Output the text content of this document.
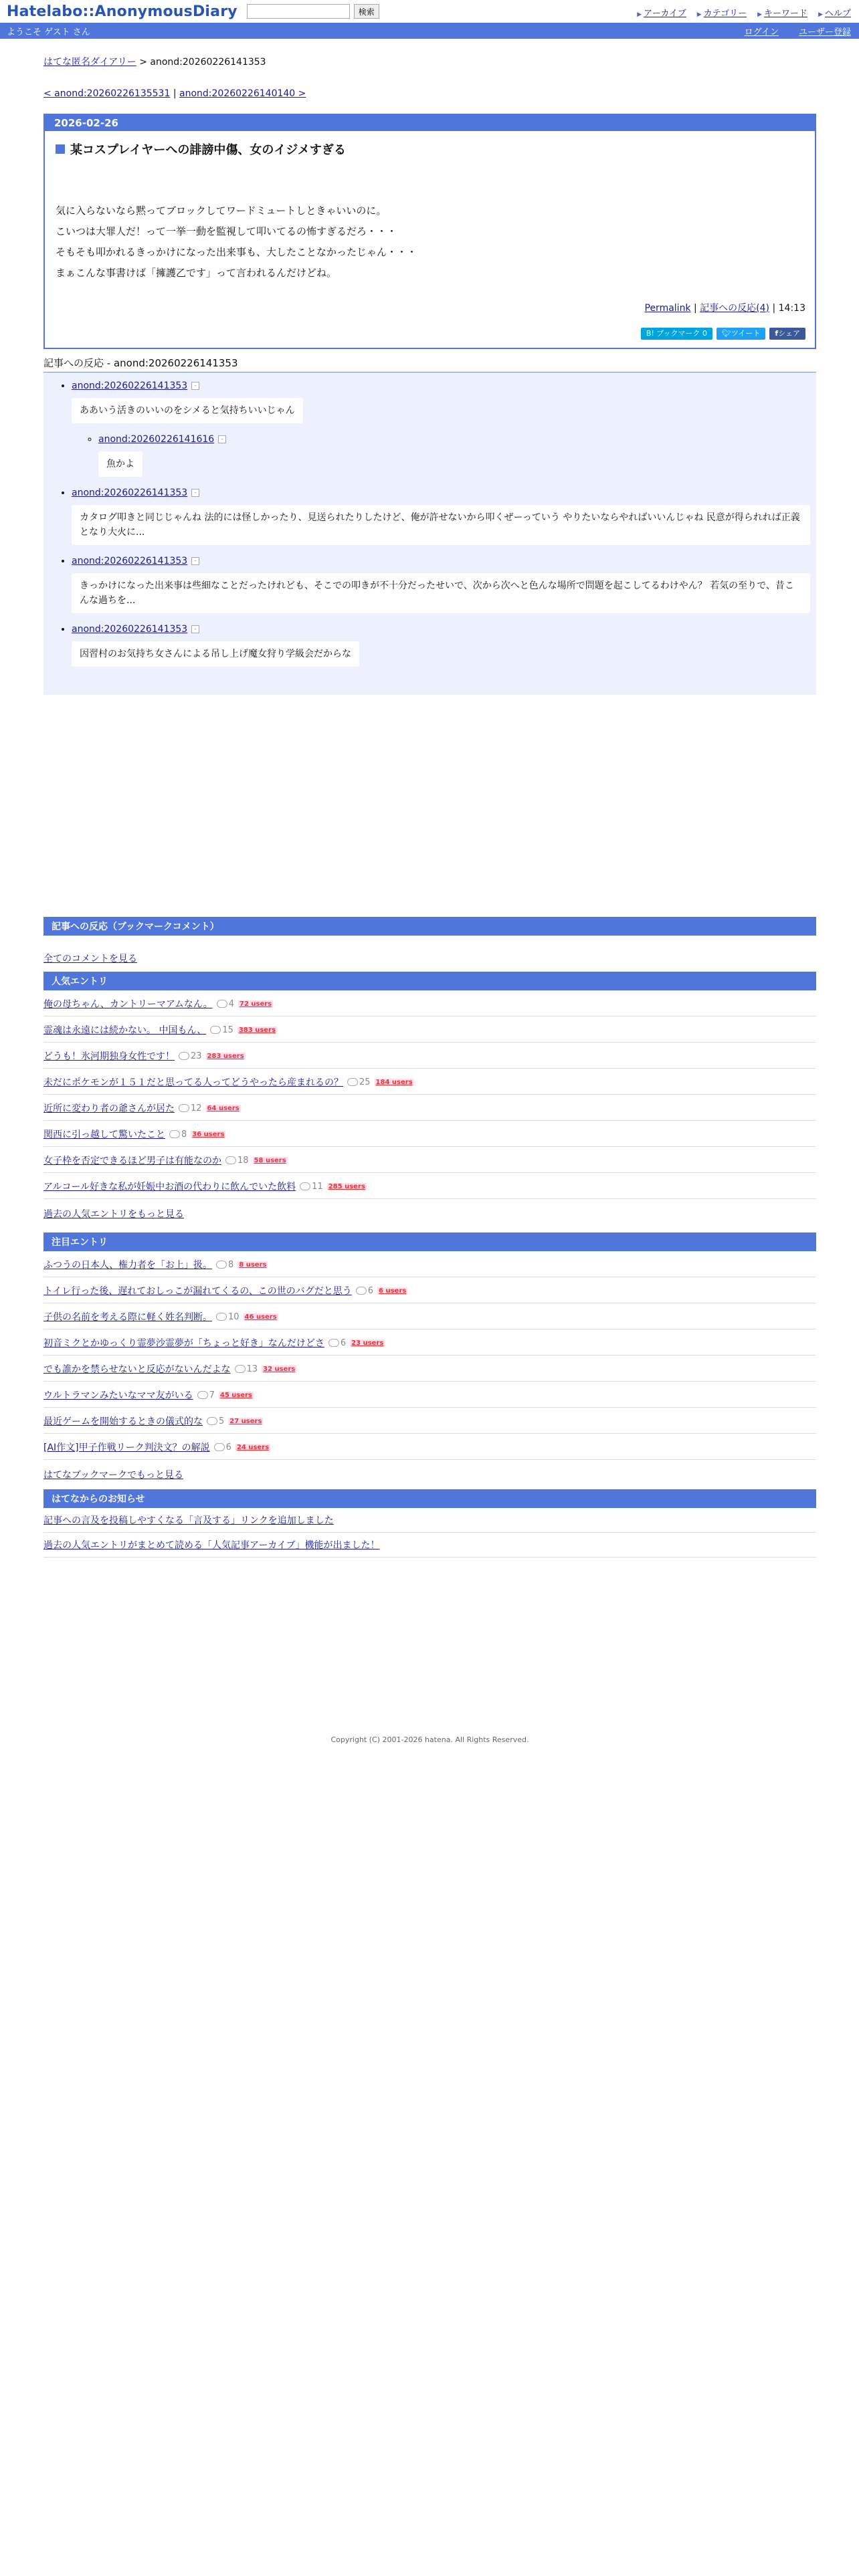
Hatelabo::AnonymousDiary	検索	▶ アーカイブ	▶ カテゴリー	▶ キーワード	▶ ヘルプ
ようこそ ゲスト さん	ログイン ユーザー登録
はてな匿名ダイアリー > anond:20260226141353
< anond:20260226135531 | anond:20260226140140 >
2026-02-26
某コスプレイヤーへの誹謗中傷、女のイジメすぎる
気に入らないなら黙ってブロックしてワードミュートしときゃいいのに。
こいつは大罪人だ！って一挙一動を監視して叩いてるの怖すぎるだろ・・・
そもそも叩かれるきっかけになった出来事も、大したことなかったじゃん・・・
まぁこんな事書けば「擁護乙です」って言われるんだけどね。
Permalink | 記事への反応(4) | 14:13
B! ブックマーク 0	🐦︎ツイート	fシェア
記事への反応 - anond:20260226141353
• anond:20260226141353	-
ああいう活きのいいのをシメると気持ちいいじゃん
◦ anond:20260226141616	-
魚かよ
• anond:20260226141353	-
カタログ叩きと同じじゃんね 法的には怪しかったり、見送られたりしたけど、俺が許せないから叩くぜーっていう やりたいならやればいいんじゃね 民意が得られれば正義となり大火に...
• anond:20260226141353	-
きっかけになった出来事は些細なことだったけれども、そこでの叩きが不十分だったせいで、次から次へと色んな場所で問題を起こしてるわけやん？ 若気の至りで、昔こんな過ちを...
• anond:20260226141353	-
因習村のお気持ち女さんによる吊し上げ魔女狩り学級会だからな
記事への反応（ブックマークコメント）
全てのコメントを見る
人気エントリ
俺の母ちゃん、カントリーマアムなん。 4 72 users
霊魂は永遠には続かない。 中国もん、 15 383 users
どうも！氷河期独身女性です！ 23 283 users
未だにポケモンが１５１だと思ってる人ってどうやったら産まれるの？ 25 184 users
近所に変わり者の爺さんが居た 12 64 users
関西に引っ越して驚いたこと 8 36 users
女子枠を否定できるほど男子は有能なのか 18 58 users
アルコール好きな私が妊娠中お酒の代わりに飲んでいた飲料 11 285 users
過去の人気エントリをもっと見る
注目エントリ
ふつうの日本人、権力者を「お上」扱。 8 8 users
トイレ行った後、遅れておしっこが漏れてくるの、この世のバグだと思う 6 6 users
子供の名前を考える際に軽く姓名判断。 10 46 users
初音ミクとかゆっくり霊夢沙霊夢が「ちょっと好き」なんだけどさ 6 23 users
でも誰かを禁らせないと反応がないんだよな 13 32 users
ウルトラマンみたいなママ友がいる 7 45 users
最近ゲームを開始するときの儀式的な 5 27 users
[AI作文]甲子作戦リーク判決文？の解説 6 24 users
はてなブックマークでもっと見る
はてなからのお知らせ
記事への言及を投稿しやすくなる「言及する」リンクを追加しました
過去の人気エントリがまとめて読める「人気記事アーカイブ」機能が出ました！
Copyright (C) 2001-2026 hatena. All Rights Reserved.
